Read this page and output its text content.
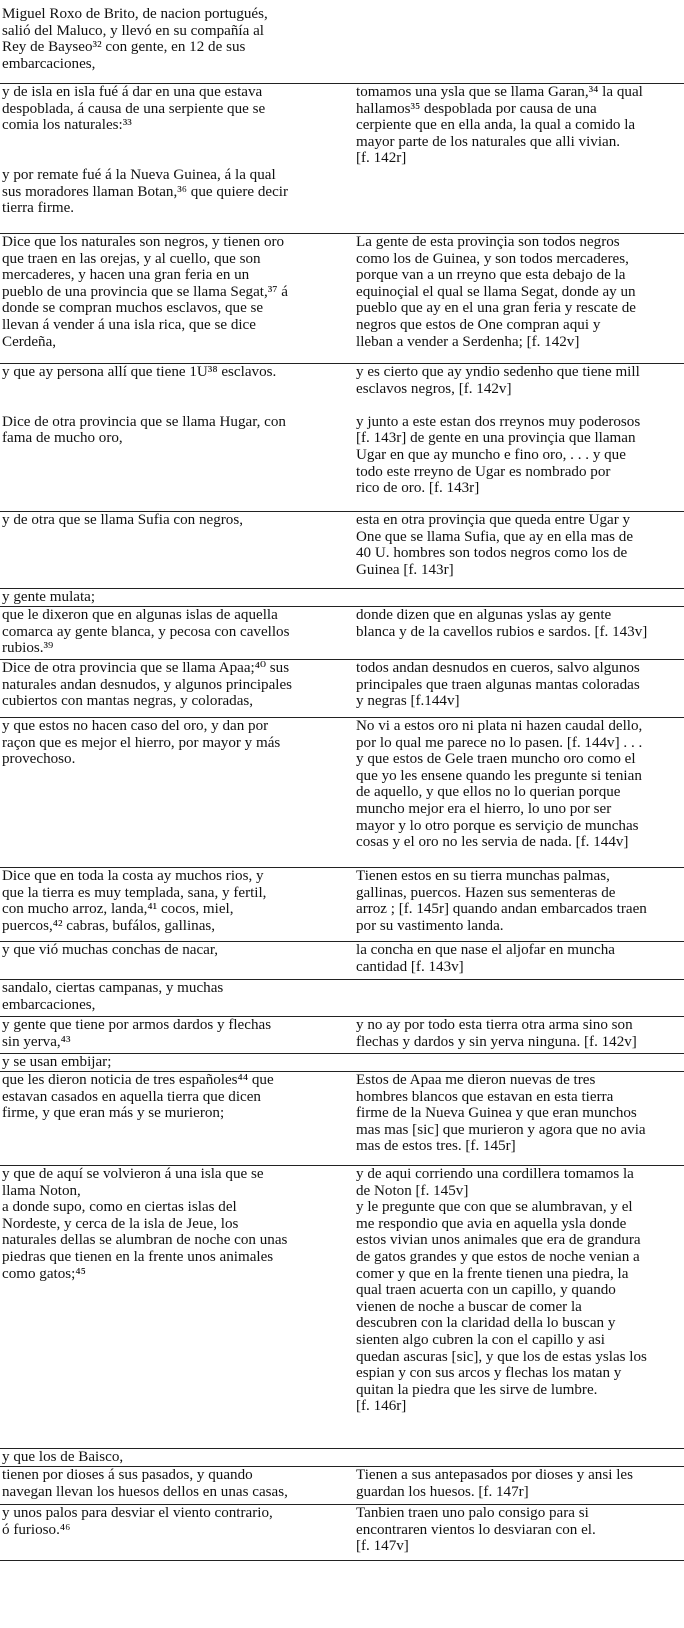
Miguel Roxo de Brito, de nacion portugués,
salió del Maluco, y llevó en su compañía al
Rey de Bayseo³² con gente, en 12 de sus
embarcaciones,
y de isla en isla fué á dar en una que estava
despoblada, á causa de una serpiente que se
comia los naturales:³³

y por remate fué á la Nueva Guinea, á la qual
sus moradores llaman Botan,³⁶ que quiere decir
tierra firme.
tomamos una ysla que se llama Garan,³⁴ la qual
hallamos³⁵ despoblada por causa de una
cerpiente que en ella anda, la qual a comido la
mayor parte de los naturales que alli vivian.
[f. 142r]
Dice que los naturales son negros, y tienen oro
que traen en las orejas, y al cuello, que son
mercaderes, y hacen una gran feria en un
pueblo de una provincia que se llama Segat,³⁷ á
donde se compran muchos esclavos, que se
llevan á vender á una isla rica, que se dice
Cerdeña,
La gente de esta provinçia son todos negros
como los de Guinea, y son todos mercaderes,
porque van a un rreyno que esta debajo de la
equinoçial el qual se llama Segat, donde ay un
pueblo que ay en el una gran feria y rescate de
negros que estos de One compran aqui y
lleban a vender a Serdenha; [f. 142v]
y que ay persona allí que tiene 1U³⁸ esclavos.

Dice de otra provincia que se llama Hugar, con
fama de mucho oro,
y es cierto que ay yndio sedenho que tiene mill
esclavos negros, [f. 142v]

y junto a este estan dos rreynos muy poderosos
[f. 143r] de gente en una provinçia que llaman
Ugar en que ay muncho e fino oro, . . . y que
todo este rreyno de Ugar es nombrado por
rico de oro. [f. 143r]
y de otra que se llama Sufia con negros,	esta en otra provinçia que queda entre Ugar y
One que se llama Sufia, que ay en ella mas de
40 U. hombres son todos negros como los de
Guinea [f. 143r]
y gente mulata;
que le dixeron que en algunas islas de aquella
comarca ay gente blanca, y pecosa con cavellos
rubios.³⁹
donde dizen que en algunas yslas ay gente
blanca y de la cavellos rubios e sardos. [f. 143v]
Dice de otra provincia que se llama Apaa;⁴⁰ sus
naturales andan desnudos, y algunos principales
cubiertos con mantas negras, y coloradas,
todos andan desnudos en cueros, salvo algunos
principales que traen algunas mantas coloradas
y negras [f.144v]
y que estos no hacen caso del oro, y dan por
raçon que es mejor el hierro, por mayor y más
provechoso.
No vi a estos oro ni plata ni hazen caudal dello,
por lo qual me parece no lo pasen. [f. 144v] . . .
y que estos de Gele traen muncho oro como el
que yo les ensene quando les pregunte si tenian
de aquello, y que ellos no lo querian porque
muncho mejor era el hierro, lo uno por ser
mayor y lo otro porque es serviçio de munchas
cosas y el oro no les servia de nada. [f. 144v]
Dice que en toda la costa ay muchos rios, y
que la tierra es muy templada, sana, y fertil,
con mucho arroz, landa,⁴¹ cocos, miel,
puercos,⁴² cabras, bufálos, gallinas,
Tienen estos en su tierra munchas palmas,
gallinas, puercos. Hazen sus sementeras de
arroz ; [f. 145r] quando andan embarcados traen
por su vastimento landa.
y que vió muchas conchas de nacar,	la concha en que nase el aljofar en muncha
cantidad [f. 143v]
sandalo, ciertas campanas, y muchas
embarcaciones,
y gente que tiene por armos dardos y flechas
sin yerva,⁴³
y no ay por todo esta tierra otra arma sino son
flechas y dardos y sin yerva ninguna. [f. 142v]
y se usan embijar;
que les dieron noticia de tres españoles⁴⁴ que
estavan casados en aquella tierra que dicen
firme, y que eran más y se murieron;
Estos de Apaa me dieron nuevas de tres
hombres blancos que estavan en esta tierra
firme de la Nueva Guinea y que eran munchos
mas mas [sic] que murieron y agora que no avia
mas de estos tres. [f. 145r]
y que de aquí se volvieron á una isla que se
llama Noton,
a donde supo, como en ciertas islas del
Nordeste, y cerca de la isla de Jeue, los
naturales dellas se alumbran de noche con unas
piedras que tienen en la frente unos animales
como gatos;⁴⁵
y de aqui corriendo una cordillera tomamos la
de Noton [f. 145v]
y le pregunte que con que se alumbravan, y el
me respondio que avia en aquella ysla donde
estos vivian unos animales que era de grandura
de gatos grandes y que estos de noche venian a
comer y que en la frente tienen una piedra, la
qual traen acuerta con un capillo, y quando
vienen de noche a buscar de comer la
descubren con la claridad della lo buscan y
sienten algo cubren la con el capillo y asi
quedan ascuras [sic], y que los de estas yslas los
espian y con sus arcos y flechas los matan y
quitan la piedra que les sirve de lumbre.
[f. 146r]
y que los de Baisco,
tienen por dioses á sus pasados, y quando
navegan llevan los huesos dellos en unas casas,
Tienen a sus antepasados por dioses y ansi les
guardan los huesos. [f. 147r]
y unos palos para desviar el viento contrario,
ó furioso.⁴⁶
Tanbien traen uno palo consigo para si
encontraren vientos lo desviaran con el.
[f. 147v]
